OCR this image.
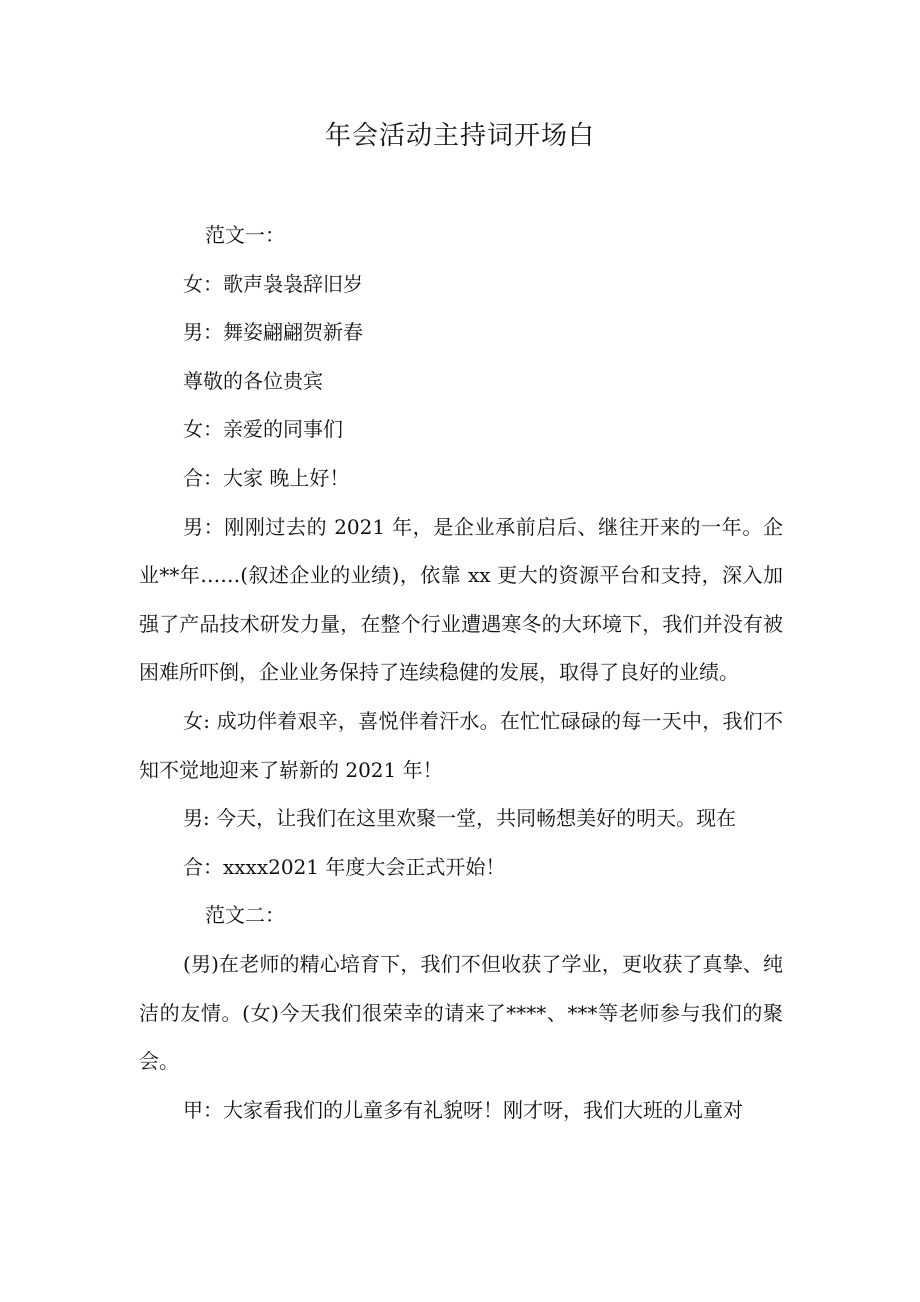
年会活动主持词开场白

范文一：

女：歌声袅袅辞旧岁

男：舞姿翩翩贺新春

尊敬的各位贵宾

女：亲爱的同事们

合：大家 晚上好！

男：刚刚过去的 2021 年，是企业承前启后、继往开来的一年。企业**年……(叙述企业的业绩)，依靠 xx 更大的资源平台和支持，深入加强了产品技术研发力量，在整个行业遭遇寒冬的大环境下，我们并没有被困难所吓倒，企业业务保持了连续稳健的发展，取得了良好的业绩。

女: 成功伴着艰辛，喜悦伴着汗水。在忙忙碌碌的每一天中，我们不知不觉地迎来了崭新的 2021 年！

男: 今天，让我们在这里欢聚一堂，共同畅想美好的明天。现在

合：xxxx2021 年度大会正式开始！

范文二：

(男)在老师的精心培育下，我们不但收获了学业，更收获了真挚、纯洁的友情。(女)今天我们很荣幸的请来了****、***等老师参与我们的聚会。

甲：大家看我们的儿童多有礼貌呀！刚才呀，我们大班的儿童对
